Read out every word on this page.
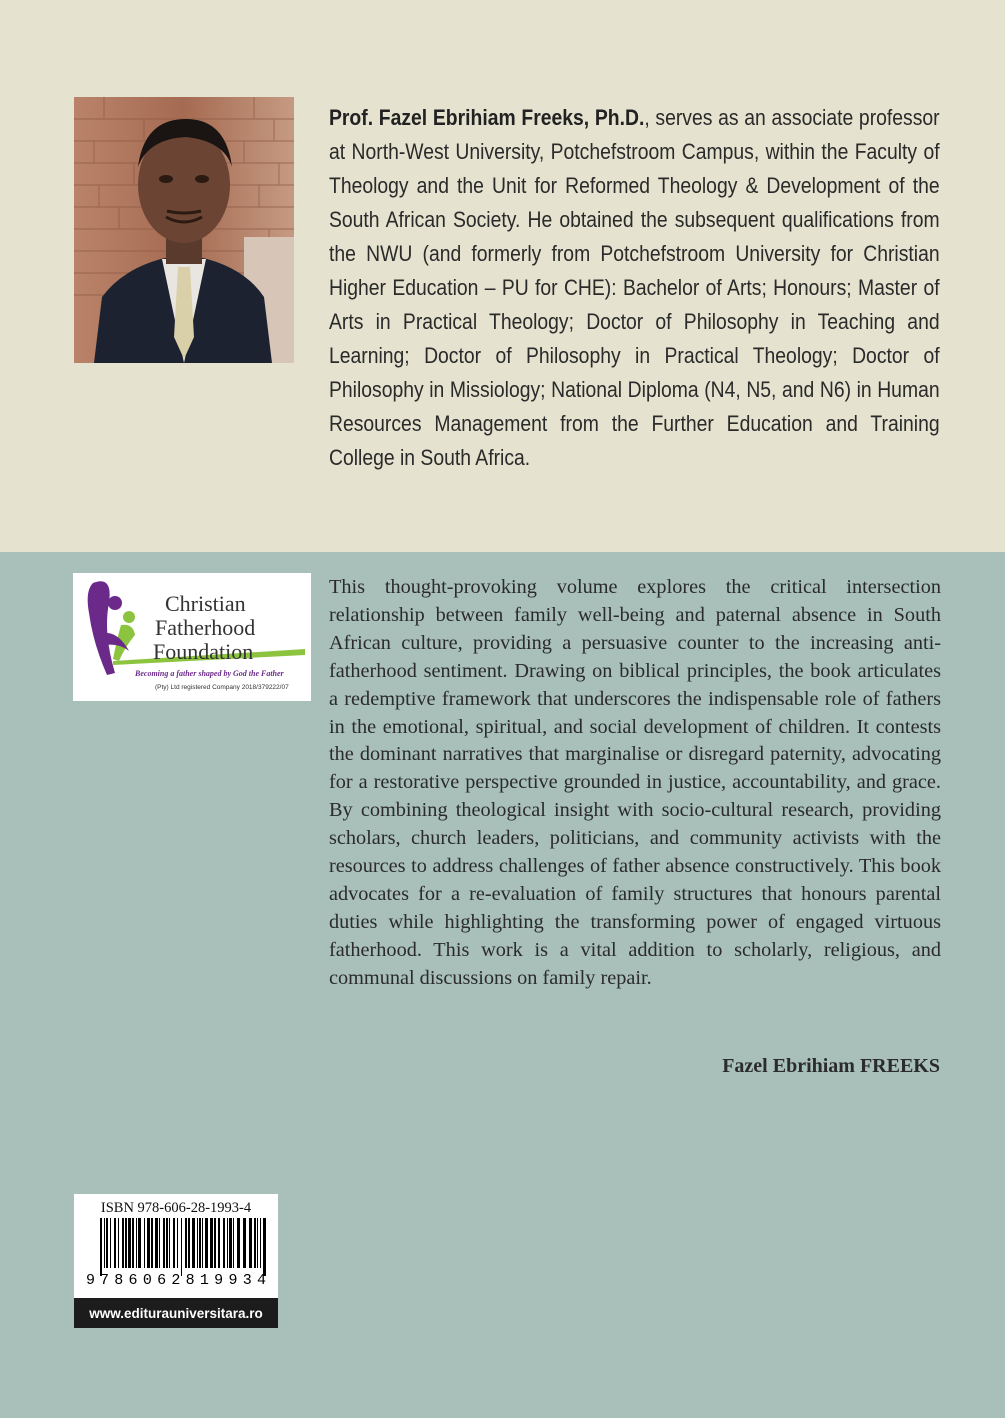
Prof. Fazel Ebrihiam Freeks, Ph.D., serves as an associate professor at North-West University, Potchefstroom Campus, within the Faculty of Theology and the Unit for Reformed Theology & Development of the South African Society. He obtained the subsequent qualifications from the NWU (and formerly from Potchefstroom University for Christian Higher Education – PU for CHE): Bachelor of Arts; Honours; Master of Arts in Practical Theology; Doctor of Philosophy in Teaching and Learning; Doctor of Philosophy in Practical Theology; Doctor of Philosophy in Missiology; National Diploma (N4, N5, and N6) in Human Resources Management from the Further Education and Training College in South Africa.
Christian
Fatherhood
Foundation
Becoming a father shaped by God the Father
(Pty) Ltd registered Company 2018/379222/07
This thought-provoking volume explores the critical intersection relationship between family well-being and paternal absence in South African culture, providing a persuasive counter to the increasing anti-fatherhood sentiment. Drawing on biblical principles, the book articulates a redemptive framework that underscores the indispensable role of fathers in the emotional, spiritual, and social development of children. It contests the dominant narratives that marginalise or disregard paternity, advocating for a restorative perspective grounded in justice, accountability, and grace. By combining theological insight with socio-cultural research, providing scholars, church leaders, politicians, and community activists with the resources to address challenges of father absence constructively. This book advocates for a re-evaluation of family structures that honours parental duties while highlighting the transforming power of engaged virtuous fatherhood. This work is a vital addition to scholarly, religious, and communal discussions on family repair.
Fazel Ebrihiam FREEKS
ISBN 978-606-28-1993-4
9 786062819934
www.editurauniversitara.ro
